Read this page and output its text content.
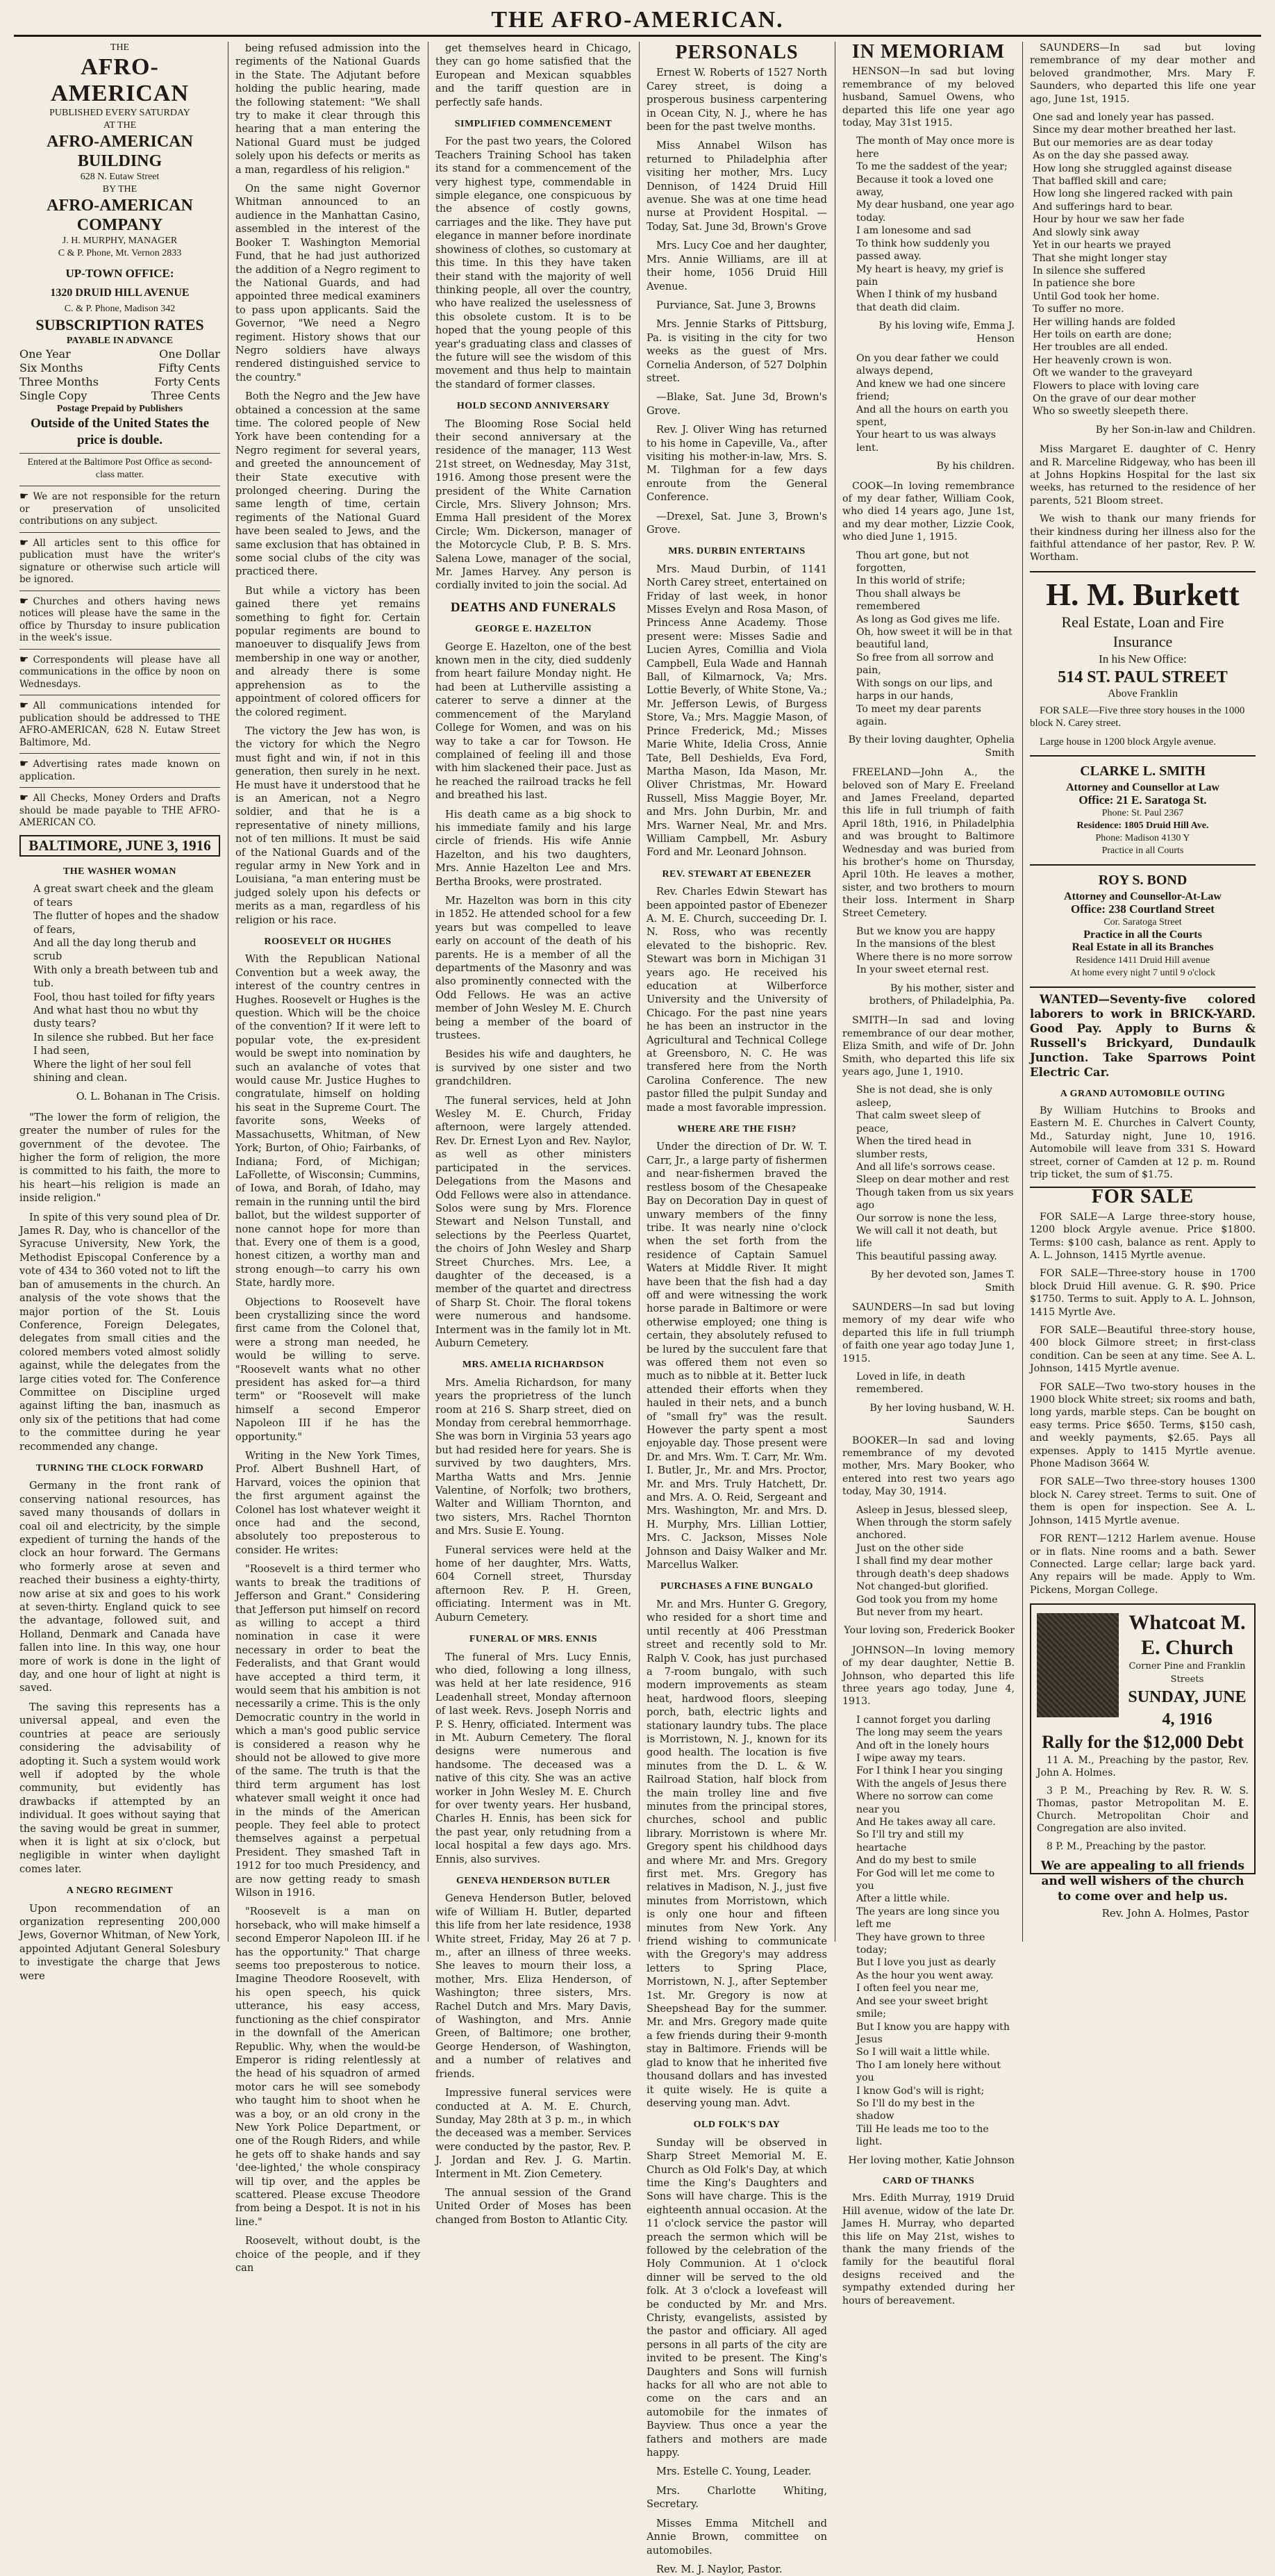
THE AFRO-AMERICAN.
THE
AFRO-AMERICAN
PUBLISHED EVERY SATURDAY
AT THE
AFRO-AMERICAN BUILDING
628 N. Eutaw Street
BY THE
AFRO-AMERICAN COMPANY
J. H. MURPHY, MANAGER
C & P. Phone, Mt. Vernon 2833
UP-TOWN OFFICE:
1320 DRUID HILL AVENUE
C. & P. Phone, Madison 342
SUBSCRIPTION RATES
PAYABLE IN ADVANCE
One Year	One Dollar
Six Months	Fifty Cents
Three Months	Forty Cents
Single Copy	Three Cents
Postage Prepaid by Publishers
Outside of the United States the price is double.
Entered at the Baltimore Post Office as second-class matter.
☛ We are not responsible for the return or preservation of unsolicited contributions on any subject.
☛ All articles sent to this office for publication must have the writer's signature or otherwise such article will be ignored.
☛ Churches and others having news notices will please have the same in the office by Thursday to insure publication in the week's issue.
☛ Correspondents will please have all communications in the office by noon on Wednesdays.
☛ All communications intended for publication should be addressed to THE AFRO-AMERICAN, 628 N. Eutaw Street Baltimore, Md.
☛ Advertising rates made known on application.
☛ All Checks, Money Orders and Drafts should be made payable to THE AFRO-AMERICAN CO.
BALTIMORE, JUNE 3, 1916
THE WASHER WOMAN
A great swart cheek and the gleam of tears
The flutter of hopes and the shadow of fears,
And all the day long therub and scrub
With only a breath between tub and tub.
Fool, thou hast toiled for fifty years
And what hast thou no wbut thy dusty tears?
In silence she rubbed. But her face I had seen,
Where the light of her soul fell shining and clean.
O. L. Bohanan in The Crisis.

"The lower the form of religion, the greater the number of rules for the government of the devotee. The higher the form of religion, the more is committed to his faith, the more to his heart—his religion is made an inside religion."

In spite of this very sound plea of Dr. James R. Day, who is chancellor of the Syracuse University, New York, the Methodist Episcopal Conference by a vote of 434 to 360 voted not to lift the ban of amusements in the church. An analysis of the vote shows that the major portion of the St. Louis Conference, Foreign Delegates, delegates from small cities and the colored members voted almost solidly against, while the delegates from the large cities voted for. The Conference Committee on Discipline urged against lifting the ban, inasmuch as only six of the petitions that had come to the committee during he year recommended any change.

TURNING THE CLOCK FORWARD

Germany in the front rank of conserving national resources, has saved many thousands of dollars in coal oil and electricity, by the simple expedient of turning the hands of the clock an hour forward. The Germans who formerly arose at seven and reached their business a eighty-thirty, now arise at six and goes to his work at seven-thirty. England quick to see the advantage, followed suit, and Holland, Denmark and Canada have fallen into line. In this way, one hour more of work is done in the light of day, and one hour of light at night is saved.

The saving this represents has a universal appeal, and even the countries at peace are seriously considering the advisability of adopting it. Such a system would work well if adopted by the whole community, but evidently has drawbacks if attempted by an individual. It goes without saying that the saving would be great in summer, when it is light at six o'clock, but negligible in winter when daylight comes later.

A NEGRO REGIMENT

Upon recommendation of an organization representing 200,000 Jews, Governor Whitman, of New York, appointed Adjutant General Solesbury to investigate the charge that Jews were

being refused admission into the regiments of the National Guards in the State. The Adjutant before holding the public hearing, made the following statement: "We shall try to make it clear through this hearing that a man entering the National Guard must be judged solely upon his defects or merits as a man, regardless of his religion."

On the same night Governor Whitman announced to an audience in the Manhattan Casino, assembled in the interest of the Booker T. Washington Memorial Fund, that he had just authorized the addition of a Negro regiment to the National Guards, and had appointed three medical examiners to pass upon applicants. Said the Governor, "We need a Negro regiment. History shows that our Negro soldiers have always rendered distinguished service to the country."

Both the Negro and the Jew have obtained a concession at the same time. The colored people of New York have been contending for a Negro regiment for several years, and greeted the announcement of their State executive with prolonged cheering. During the same length of time, certain regiments of the National Guard have been sealed to Jews, and the same exclusion that has obtained in some social clubs of the city was practiced there.

But while a victory has been gained there yet remains something to fight for. Certain popular regiments are bound to manoeuver to disqualify Jews from membership in one way or another, and already there is some apprehension as to the appointment of colored officers for the colored regiment.

The victory the Jew has won, is the victory for which the Negro must fight and win, if not in this generation, then surely in he next. He must have it understood that he is an American, not a Negro soldier, and that he is a representative of ninety millions, not of ten millions. It must be said of the National Guards and of the regular army in New York and in Louisiana, "a man entering must be judged solely upon his defects or merits as a man, regardless of his religion or his race.

ROOSEVELT OR HUGHES

With the Republican National Convention but a week away, the interest of the country centres in Hughes. Roosevelt or Hughes is the question. Which will be the choice of the convention? If it were left to popular vote, the ex-president would be swept into nomination by such an avalanche of votes that would cause Mr. Justice Hughes to congratulate, himself on holding his seat in the Supreme Court. The favorite sons, Weeks of Massachusetts, Whitman, of New York; Burton, of Ohio; Fairbanks, of Indiana; Ford, of Michigan; LaFollette, of Wisconsin; Cummins, of Iowa, and Borah, of Idaho, may remain in the running until the bird ballot, but the wildest supporter of none cannot hope for more than that. Every one of them is a good, honest citizen, a worthy man and strong enough—to carry his own State, hardly more.

Objections to Roosevelt have been crystallizing since the word first came from the Colonel that, were a strong man needed, he would be willing to serve. "Roosevelt wants what no other president has asked for—a third term" or "Roosevelt will make himself a second Emperor Napoleon III if he has the opportunity."

Writing in the New York Times, Prof. Albert Bushnell Hart, of Harvard, voices the opinion that the first argument against the Colonel has lost whatever weight it once had and the second, absolutely too preposterous to consider. He writes:

"Roosevelt is a third termer who wants to break the traditions of Jefferson and Grant." Considering that Jefferson put himself on record as willing to accept a third nomination in case it were necessary in order to beat the Federalists, and that Grant would have accepted a third term, it would seem that his ambition is not necessarily a crime. This is the only Democratic country in the world in which a man's good public service is considered a reason why he should not be allowed to give more of the same. The truth is that the third term argument has lost whatever small weight it once had in the minds of the American people. They feel able to protect themselves against a perpetual President. They smashed Taft in 1912 for too much Presidency, and are now getting ready to smash Wilson in 1916.

"Roosevelt is a man on horseback, who will make himself a second Emperor Napoleon III. if he has the opportunity." That charge seems too preposterous to notice. Imagine Theodore Roosevelt, with his open speech, his quick utterance, his easy access, functioning as the chief conspirator in the downfall of the American Republic. Why, when the would-be Emperor is riding relentlessly at the head of his squadron of armed motor cars he will see somebody who taught him to shoot when he was a boy, or an old crony in the New York Police Department, or one of the Rough Riders, and while he gets off to shake hands and say 'dee-lighted,' the whole conspiracy will tip over, and the apples be scattered. Please excuse Theodore from being a Despot. It is not in his line."

Roosevelt, without doubt, is the choice of the people, and if they can

get themselves heard in Chicago, they can go home satisfied that the European and Mexican squabbles and the tariff question are in perfectly safe hands.

SIMPLIFIED COMMENCEMENT

For the past two years, the Colored Teachers Training School has taken its stand for a commencement of the very highest type, commendable in simple elegance, one conspicuous by the absence of costly gowns, carriages and the like. They have put elegance in manner before inordinate showiness of clothes, so customary at this time. In this they have taken their stand with the majority of well thinking people, all over the country, who have realized the uselessness of this obsolete custom. It is to be hoped that the young people of this year's graduating class and classes of the future will see the wisdom of this movement and thus help to maintain the standard of former classes.

HOLD SECOND ANNIVERSARY

The Blooming Rose Social held their second anniversary at the residence of the manager, 113 West 21st street, on Wednesday, May 31st, 1916. Among those present were the president of the White Carnation Circle, Mrs. Slivery Johnson; Mrs. Emma Hall president of the Morex Circle; Wm. Dickerson, manager of the Motorcycle Club, P. B. S. Mrs. Salena Lowe, manager of the social, Mr. James Harvey. Any person is cordially invited to join the social. Ad

DEATHS AND FUNERALS
GEORGE E. HAZELTON

George E. Hazelton, one of the best known men in the city, died suddenly from heart failure Monday night. He had been at Lutherville assisting a caterer to serve a dinner at the commencement of the Maryland College for Women, and was on his way to take a car for Towson. He complained of feeling ill and those with him slackened their pace. Just as he reached the railroad tracks he fell and breathed his last.

His death came as a big shock to his immediate family and his large circle of friends. His wife Annie Hazelton, and his two daughters, Mrs. Annie Hazelton Lee and Mrs. Bertha Brooks, were prostrated.

Mr. Hazelton was born in this city in 1852. He attended school for a few years but was compelled to leave early on account of the death of his parents. He is a member of all the departments of the Masonry and was also prominently connected with the Odd Fellows. He was an active member of John Wesley M. E. Church being a member of the board of trustees.

Besides his wife and daughters, he is survived by one sister and two grandchildren.

The funeral services, held at John Wesley M. E. Church, Friday afternoon, were largely attended. Rev. Dr. Ernest Lyon and Rev. Naylor, as well as other ministers participated in the services. Delegations from the Masons and Odd Fellows were also in attendance. Solos were sung by Mrs. Florence Stewart and Nelson Tunstall, and selections by the Peerless Quartet, the choirs of John Wesley and Sharp Street Churches. Mrs. Lee, a daughter of the deceased, is a member of the quartet and directress of Sharp St. Choir. The floral tokens were numerous and handsome. Interment was in the family lot in Mt. Auburn Cemetery.

MRS. AMELIA RICHARDSON

Mrs. Amelia Richardson, for many years the proprietress of the lunch room at 216 S. Sharp street, died on Monday from cerebral hemmorrhage. She was born in Virginia 53 years ago but had resided here for years. She is survived by two daughters, Mrs. Martha Watts and Mrs. Jennie Valentine, of Norfolk; two brothers, Walter and William Thornton, and two sisters, Mrs. Rachel Thornton and Mrs. Susie E. Young.

Funeral services were held at the home of her daughter, Mrs. Watts, 604 Cornell street, Thursday afternoon Rev. P. H. Green, officiating. Interment was in Mt. Auburn Cemetery.

FUNERAL OF MRS. ENNIS

The funeral of Mrs. Lucy Ennis, who died, following a long illness, was held at her late residence, 916 Leadenhall street, Monday afternoon of last week. Revs. Joseph Norris and P. S. Henry, officiated. Interment was in Mt. Auburn Cemetery. The floral designs were numerous and handsome. The deceased was a native of this city. She was an active worker in John Wesley M. E. Church for over twenty years. Her husband, Charles H. Ennis, has been sick for the past year, only retudning from a local hospital a few days ago. Mrs. Ennis, also survives.

GENEVA HENDERSON BUTLER

Geneva Henderson Butler, beloved wife of William H. Butler, departed this life from her late residence, 1938 White street, Friday, May 26 at 7 p. m., after an illness of three weeks. She leaves to mourn their loss, a mother, Mrs. Eliza Henderson, of Washington; three sisters, Mrs. Rachel Dutch and Mrs. Mary Davis, of Washington, and Mrs. Annie Green, of Baltimore; one brother, George Henderson, of Washington, and a number of relatives and friends.

Impressive funeral services were conducted at A. M. E. Church, Sunday, May 28th at 3 p. m., in which the deceased was a member. Services were conducted by the pastor, Rev. P. J. Jordan and Rev. J. G. Martin. Interment in Mt. Zion Cemetery.

The annual session of the Grand United Order of Moses has been changed from Boston to Atlantic City.

PERSONALS

Ernest W. Roberts of 1527 North Carey street, is doing a prosperous business carpentering in Ocean City, N. J., where he has been for the past twelve months.

Miss Annabel Wilson has returned to Philadelphia after visiting her mother, Mrs. Lucy Dennison, of 1424 Druid Hill avenue. She was at one time head nurse at Provident Hospital. —Today, Sat. June 3d, Brown's Grove

Mrs. Lucy Coe and her daughter, Mrs. Annie Williams, are ill at their home, 1056 Druid Hill Avenue.

Purviance, Sat. June 3, Browns

Mrs. Jennie Starks of Pittsburg, Pa. is visiting in the city for two weeks as the guest of Mrs. Cornelia Anderson, of 527 Dolphin street.

—Blake, Sat. June 3d, Brown's Grove.

Rev. J. Oliver Wing has returned to his home in Capeville, Va., after visiting his mother-in-law, Mrs. S. M. Tilghman for a few days enroute from the General Conference.

—Drexel, Sat. June 3, Brown's Grove.

MRS. DURBIN ENTERTAINS

Mrs. Maud Durbin, of 1141 North Carey street, entertained on Friday of last week, in honor Misses Evelyn and Rosa Mason, of Princess Anne Academy. Those present were: Misses Sadie and Lucien Ayres, Comillia and Viola Campbell, Eula Wade and Hannah Ball, of Kilmarnock, Va; Mrs. Lottie Beverly, of White Stone, Va.; Mr. Jefferson Lewis, of Burgess Store, Va.; Mrs. Maggie Mason, of Prince Frederick, Md.; Misses Marie White, Idelia Cross, Annie Tate, Bell Deshields, Eva Ford, Martha Mason, Ida Mason, Mr. Oliver Christmas, Mr. Howard Russell, Miss Maggie Boyer, Mr. and Mrs. John Durbin, Mr. and Mrs. Warner Neal, Mr. and Mrs. William Campbell, Mr. Asbury Ford and Mr. Leonard Johnson.

REV. STEWART AT EBENEZER

Rev. Charles Edwin Stewart has been appointed pastor of Ebenezer A. M. E. Church, succeeding Dr. I. N. Ross, who was recently elevated to the bishopric. Rev. Stewart was born in Michigan 31 years ago. He received his education at Wilberforce University and the University of Chicago. For the past nine years he has been an instructor in the Agricultural and Technical College at Greensboro, N. C. He was transfered here from the North Carolina Conference. The new pastor filled the pulpit Sunday and made a most favorable impression.

WHERE ARE THE FISH?

Under the direction of Dr. W. T. Carr, Jr., a large party of fishermen and near-fishermen braved the restless bosom of the Chesapeake Bay on Decoration Day in quest of unwary members of the finny tribe. It was nearly nine o'clock when the set forth from the residence of Captain Samuel Waters at Middle River. It might have been that the fish had a day off and were witnessing the work horse parade in Baltimore or were otherwise employed; one thing is certain, they absolutely refused to be lured by the succulent fare that was offered them not even so much as to nibble at it. Better luck attended their efforts when they hauled in their nets, and a bunch of "small fry" was the result. However the party spent a most enjoyable day. Those present were Dr. and Mrs. Wm. T. Carr, Mr. Wm. I. Butler, Jr., Mr. and Mrs. Proctor, Mr. and Mrs. Truly Hatchett, Dr. and Mrs. A. O. Reid, Sergeant and Mrs. Washington, Mr. and Mrs. D. H. Murphy, Mrs. Lillian Lottier, Mrs. C. Jackson, Misses Nole Johnson and Daisy Walker and Mr. Marcellus Walker.

PURCHASES A FINE BUNGALO

Mr. and Mrs. Hunter G. Gregory, who resided for a short time and until recently at 406 Presstman street and recently sold to Mr. Ralph V. Cook, has just purchased a 7-room bungalo, with such modern improvements as steam heat, hardwood floors, sleeping porch, bath, electric lights and stationary laundry tubs. The place is Morristown, N. J., known for its good health. The location is five minutes from the D. L. & W. Railroad Station, half block from the main trolley line and five minutes from the principal stores, churches, school and public library. Morristown is where Mr. Gregory spent his childhood days and where Mr. and Mrs. Gregory first met. Mrs. Gregory has relatives in Madison, N. J., just five minutes from Morristown, which is only one hour and fifteen minutes from New York. Any friend wishing to communicate with the Gregory's may address letters to Spring Place, Morristown, N. J., after September 1st. Mr. Gregory is now at Sheepshead Bay for the summer. Mr. and Mrs. Gregory made quite a few friends during their 9-month stay in Baltimore. Friends will be glad to know that he inherited five thousand dollars and has invested it quite wisely. He is quite a deserving young man. Advt.

OLD FOLK'S DAY

Sunday will be observed in Sharp Street Memorial M. E. Church as Old Folk's Day, at which time the King's Daughters and Sons will have charge. This is the eighteenth annual occasion. At the 11 o'clock service the pastor will preach the sermon which will be followed by the celebration of the Holy Communion. At 1 o'clock dinner will be served to the old folk. At 3 o'clock a lovefeast will be conducted by Mr. and Mrs. Christy, evangelists, assisted by the pastor and officiary. All aged persons in all parts of the city are invited to be present. The King's Daughters and Sons will furnish hacks for all who are not able to come on the cars and an automobile for the inmates of Bayview. Thus once a year the fathers and mothers are made happy.

Mrs. Estelle C. Young, Leader.

Mrs. Charlotte Whiting, Secretary.

Misses Emma Mitchell and Annie Brown, committee on automobiles.

Rev. M. J. Naylor, Pastor.

IN MEMORIAM

HENSON—In sad but loving remembrance of my beloved husband, Samuel Owens, who departed this life one year ago today, May 31st 1915.

The month of May once more is here
To me the saddest of the year;
Because it took a loved one away,
My dear husband, one year ago today.
I am lonesome and sad
To think how suddenly you passed away.
My heart is heavy, my grief is pain
When I think of my husband that death did claim.
By his loving wife, Emma J. Henson
On you dear father we could always depend,
And knew we had one sincere friend;
And all the hours on earth you spent,
Your heart to us was always lent.
By his children.

COOK—In loving remembrance of my dear father, William Cook, who died 14 years ago, June 1st, and my dear mother, Lizzie Cook, who died June 1, 1915.

Thou art gone, but not forgotten,
In this world of strife;
Thou shall always be remembered
As long as God gives me life.
Oh, how sweet it will be in that beautiful land,
So free from all sorrow and pain,
With songs on our lips, and harps in our hands,
To meet my dear parents again.
By their loving daughter, Ophelia Smith

FREELAND—John A., the beloved son of Mary E. Freeland and James Freeland, departed this life in full triumph of faith April 18th, 1916, in Philadelphia and was brought to Baltimore Wednesday and was buried from his brother's home on Thursday, April 10th. He leaves a mother, sister, and two brothers to mourn their loss. Interment in Sharp Street Cemetery.

But we know you are happy
In the mansions of the blest
Where there is no more sorrow
In your sweet eternal rest.
By his mother, sister and brothers, of Philadelphia, Pa.

SMITH—In sad and loving remembrance of our dear mother, Eliza Smith, and wife of Dr. John Smith, who departed this life six years ago, June 1, 1910.

She is not dead, she is only asleep,
That calm sweet sleep of peace,
When the tired head in slumber rests,
And all life's sorrows cease.
Sleep on dear mother and rest
Though taken from us six years ago
Our sorrow is none the less,
We will call it not death, but life
This beautiful passing away.
By her devoted son, James T. Smith

SAUNDERS—In sad but loving memory of my dear wife who departed this life in full triumph of faith one year ago today June 1, 1915.

Loved in life, in death remembered.
By her loving husband, W. H. Saunders

BOOKER—In sad and loving remembrance of my devoted mother, Mrs. Mary Booker, who entered into rest two years ago today, May 30, 1914.

Asleep in Jesus, blessed sleep,
When through the storm safely anchored.
Just on the other side
I shall find my dear mother through death's deep shadows
Not changed-but glorified.
God took you from my home
But never from my heart.
Your loving son, Frederick Booker

JOHNSON—In loving memory of my dear daughter, Nettie B. Johnson, who departed this life three years ago today, June 4, 1913.

I cannot forget you darling
The long may seem the years
And oft in the lonely hours
I wipe away my tears.
For I think I hear you singing
With the angels of Jesus there
Where no sorrow can come near you
And He takes away all care.
So I'll try and still my heartache
And do my best to smile
For God will let me come to you
After a little while.
The years are long since you left me
They have grown to three today;
But I love you just as dearly
As the hour you went away.
I often feel you near me,
And see your sweet bright smile;
But I know you are happy with Jesus
So I will wait a little while.
Tho I am lonely here without you
I know God's will is right;
So I'll do my best in the shadow
Till He leads me too to the light.
Her loving mother, Katie Johnson
CARD OF THANKS

Mrs. Edith Murray, 1919 Druid Hill avenue, widow of the late Dr. James H. Murray, who departed this life on May 21st, wishes to thank the many friends of the family for the beautiful floral designs received and the sympathy extended during her hours of bereavement.

SAUNDERS—In sad but loving remembrance of my dear mother and beloved grandmother, Mrs. Mary F. Saunders, who departed this life one year ago, June 1st, 1915.

One sad and lonely year has passed.
Since my dear mother breathed her last.
But our memories are as dear today
As on the day she passed away.
How long she struggled against disease
That baffled skill and care;
How long she lingered racked with pain
And sufferings hard to bear.
Hour by hour we saw her fade
And slowly sink away
Yet in our hearts we prayed
That she might longer stay
In silence she suffered
In patience she bore
Until God took her home.
To suffer no more.
Her willing hands are folded
Her toils on earth are done;
Her troubles are all ended.
Her heavenly crown is won.
Oft we wander to the graveyard
Flowers to place with loving care
On the grave of our dear mother
Who so sweetly sleepeth there.
By her Son-in-law and Children.

Miss Margaret E. daughter of C. Henry and R. Marceline Ridgeway, who has been ill at Johns Hopkins Hospital for the last six weeks, has returned to the residence of her parents, 521 Bloom street.

We wish to thank our many friends for their kindness during her illness also for the faithful attendance of her pastor, Rev. P. W. Wortham.

H. M. Burkett
Real Estate, Loan and Fire
Insurance
In his New Office:
514 ST. PAUL STREET
Above Franklin

FOR SALE—Five three story houses in the 1000 block N. Carey street.

Large house in 1200 block Argyle avenue.

CLARKE L. SMITH
Attorney and Counsellor at Law
Office: 21 E. Saratoga St.
Phone: St. Paul 2367
Residence: 1805 Druid Hill Ave.
Phone: Madison 4130 Y
Practice in all Courts
ROY S. BOND
Attorney and Counsellor-At-Law
Office: 238 Courtland Street
Cor. Saratoga Street
Practice in all the Courts
Real Estate in all its Branches
Residence 1411 Druid Hill avenue
At home every night 7 until 9 o'clock

WANTED—Seventy-five colored laborers to work in BRICK-YARD. Good Pay. Apply to Burns & Russell's Brickyard, Dundaulk Junction. Take Sparrows Point Electric Car.

A GRAND AUTOMOBILE OUTING

By William Hutchins to Brooks and Eastern M. E. Churches in Calvert County, Md., Saturday night, June 10, 1916. Automobile will leave from 331 S. Howard street, corner of Camden at 12 p. m. Round trip ticket, the sum of $1.75.

FOR SALE

FOR SALE—A Large three-story house, 1200 block Argyle avenue. Price $1800. Terms: $100 cash, balance as rent. Apply to A. L. Johnson, 1415 Myrtle avenue.

FOR SALE—Three-story house in 1700 block Druid Hill avenue. G. R. $90. Price $1750. Terms to suit. Apply to A. L. Johnson, 1415 Myrtle Ave.

FOR SALE—Beautiful three-story house, 400 block Gilmore street; in first-class condition. Can be seen at any time. See A. L. Johnson, 1415 Myrtle avenue.

FOR SALE—Two two-story houses in the 1900 block White street; six rooms and bath, long yards, marble steps. Can be bought on easy terms. Price $650. Terms, $150 cash, and weekly payments, $2.65. Pays all expenses. Apply to 1415 Myrtle avenue. Phone Madison 3664 W.

FOR SALE—Two three-story houses 1300 block N. Carey street. Terms to suit. One of them is open for inspection. See A. L. Johnson, 1415 Myrtle avenue.

FOR RENT—1212 Harlem avenue. House or in flats. Nine rooms and a bath. Sewer Connected. Large cellar; large back yard. Any repairs will be made. Apply to Wm. Pickens, Morgan College.

Whatcoat M. E. Church
Corner Pine and Franklin Streets
SUNDAY, JUNE 4, 1916
Rally for the $12,000 Debt

11 A. M., Preaching by the pastor, Rev. John A. Holmes.

3 P. M., Preaching by Rev. R. W. S. Thomas, pastor Metropolitan M. E. Church. Metropolitan Choir and Congregation are also invited.

8 P. M., Preaching by the pastor.

We are appealing to all friends and well wishers of the church to come over and help us.
Rev. John A. Holmes, Pastor
